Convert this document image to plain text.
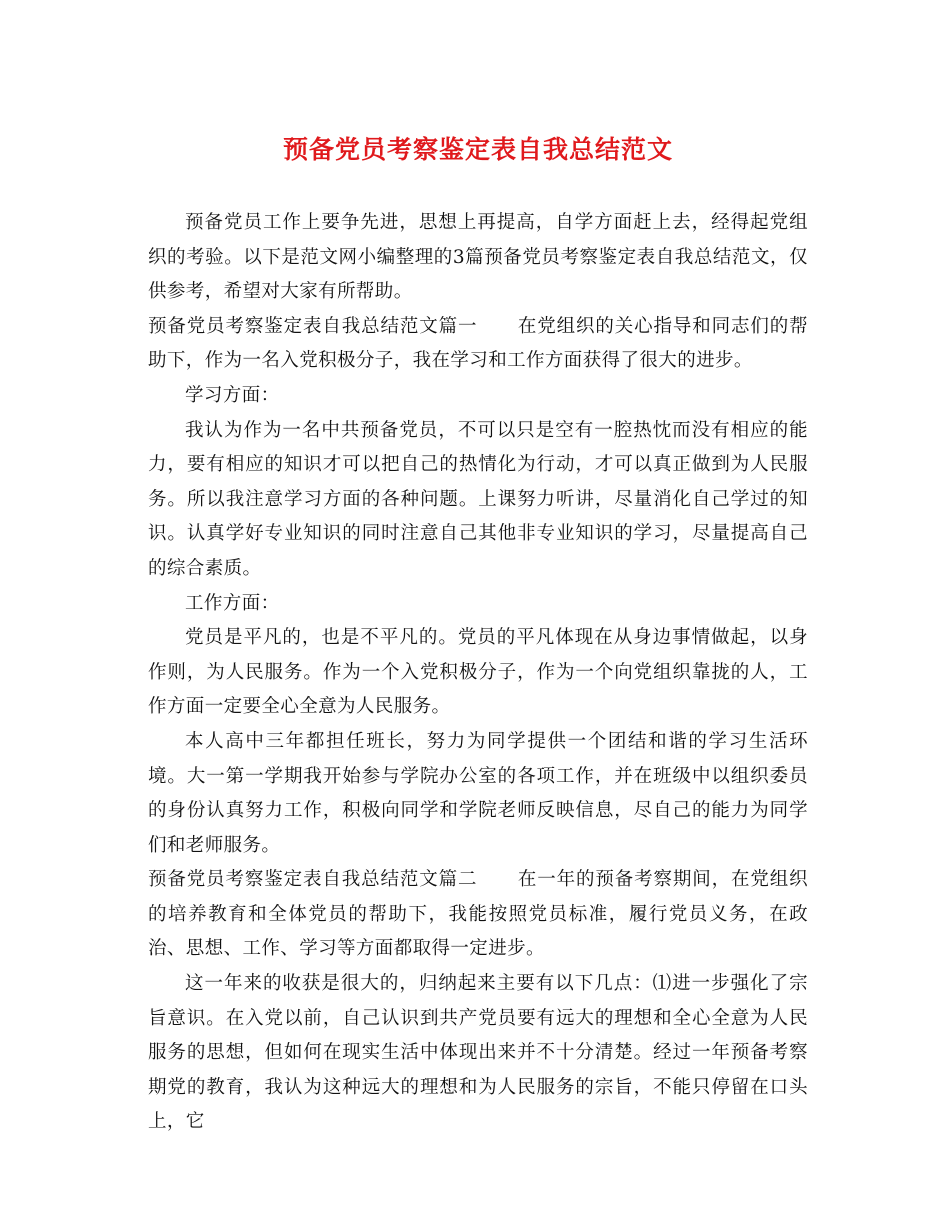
预备党员考察鉴定表自我总结范文

预备党员工作上要争先进，思想上再提高，自学方面赶上去，经得起党组织的考验。以下是范文网小编整理的3篇预备党员考察鉴定表自我总结范文，仅供参考，希望对大家有所帮助。

预备党员考察鉴定表自我总结范文篇一 在党组织的关心指导和同志们的帮助下，作为一名入党积极分子，我在学习和工作方面获得了很大的进步。

学习方面：

我认为作为一名中共预备党员，不可以只是空有一腔热忱而没有相应的能力，要有相应的知识才可以把自己的热情化为行动，才可以真正做到为人民服务。所以我注意学习方面的各种问题。上课努力听讲，尽量消化自己学过的知识。认真学好专业知识的同时注意自己其他非专业知识的学习，尽量提高自己的综合素质。

工作方面：

党员是平凡的，也是不平凡的。党员的平凡体现在从身边事情做起，以身作则，为人民服务。作为一个入党积极分子，作为一个向党组织靠拢的人，工作方面一定要全心全意为人民服务。

本人高中三年都担任班长，努力为同学提供一个团结和谐的学习生活环境。大一第一学期我开始参与学院办公室的各项工作，并在班级中以组织委员的身份认真努力工作，积极向同学和学院老师反映信息，尽自己的能力为同学们和老师服务。

预备党员考察鉴定表自我总结范文篇二 在一年的预备考察期间，在党组织的培养教育和全体党员的帮助下，我能按照党员标准，履行党员义务，在政治、思想、工作、学习等方面都取得一定进步。

这一年来的收获是很大的，归纳起来主要有以下几点：⑴进一步强化了宗旨意识。在入党以前，自己认识到共产党员要有远大的理想和全心全意为人民服务的思想，但如何在现实生活中体现出来并不十分清楚。经过一年预备考察期党的教育，我认为这种远大的理想和为人民服务的宗旨，不能只停留在口头上，它
